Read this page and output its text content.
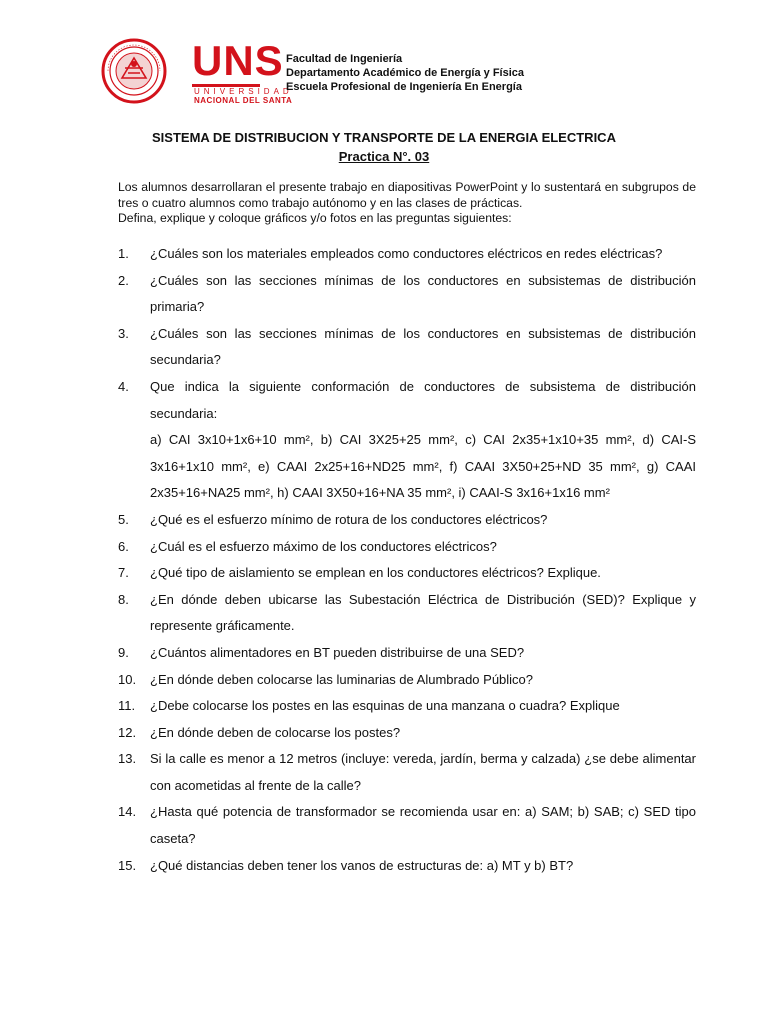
UNS
UNIVERSIDAD
NACIONAL DEL SANTA
Facultad de Ingeniería
Departamento Académico de Energía y Física
Escuela Profesional de Ingeniería En Energía
SISTEMA DE DISTRIBUCION Y TRANSPORTE DE LA ENERGIA ELECTRICA
Practica N°. 03

Los alumnos desarrollaran el presente trabajo en diapositivas PowerPoint y lo sustentará en subgrupos de tres o cuatro alumnos como trabajo autónomo y en las clases de prácticas.

Defina, explique y coloque gráficos y/o fotos en las preguntas siguientes:

1.	¿Cuáles son los materiales empleados como conductores eléctricos en redes eléctricas?
2.	¿Cuáles son las secciones mínimas de los conductores en subsistemas de distribución primaria?
3.	¿Cuáles son las secciones mínimas de los conductores en subsistemas de distribución secundaria?
4.	Que indica la siguiente conformación de conductores de subsistema de distribución secundaria:
a) CAI 3x10+1x6+10 mm², b) CAI 3X25+25 mm², c) CAI 2x35+1x10+35 mm², d) CAI-S 3x16+1x10 mm², e) CAAI 2x25+16+ND25 mm², f) CAAI 3X50+25+ND 35 mm², g) CAAI 2x35+16+NA25 mm², h) CAAI 3X50+16+NA 35 mm², i) CAAI-S 3x16+1x16 mm²
5.	¿Qué es el esfuerzo mínimo de rotura de los conductores eléctricos?
6.	¿Cuál es el esfuerzo máximo de los conductores eléctricos?
7.	¿Qué tipo de aislamiento se emplean en los conductores eléctricos? Explique.
8.	¿En dónde deben ubicarse las Subestación Eléctrica de Distribución (SED)? Explique y represente gráficamente.
9.	¿Cuántos alimentadores en BT pueden distribuirse de una SED?
10.	¿En dónde deben colocarse las luminarias de Alumbrado Público?
11.	¿Debe colocarse los postes en las esquinas de una manzana o cuadra? Explique
12.	¿En dónde deben de colocarse los postes?
13.	Si la calle es menor a 12 metros (incluye: vereda, jardín, berma y calzada) ¿se debe alimentar con acometidas al frente de la calle?
14.	¿Hasta qué potencia de transformador se recomienda usar en: a) SAM; b) SAB; c) SED tipo caseta?
15.	¿Qué distancias deben tener los vanos de estructuras de: a) MT y b) BT?
